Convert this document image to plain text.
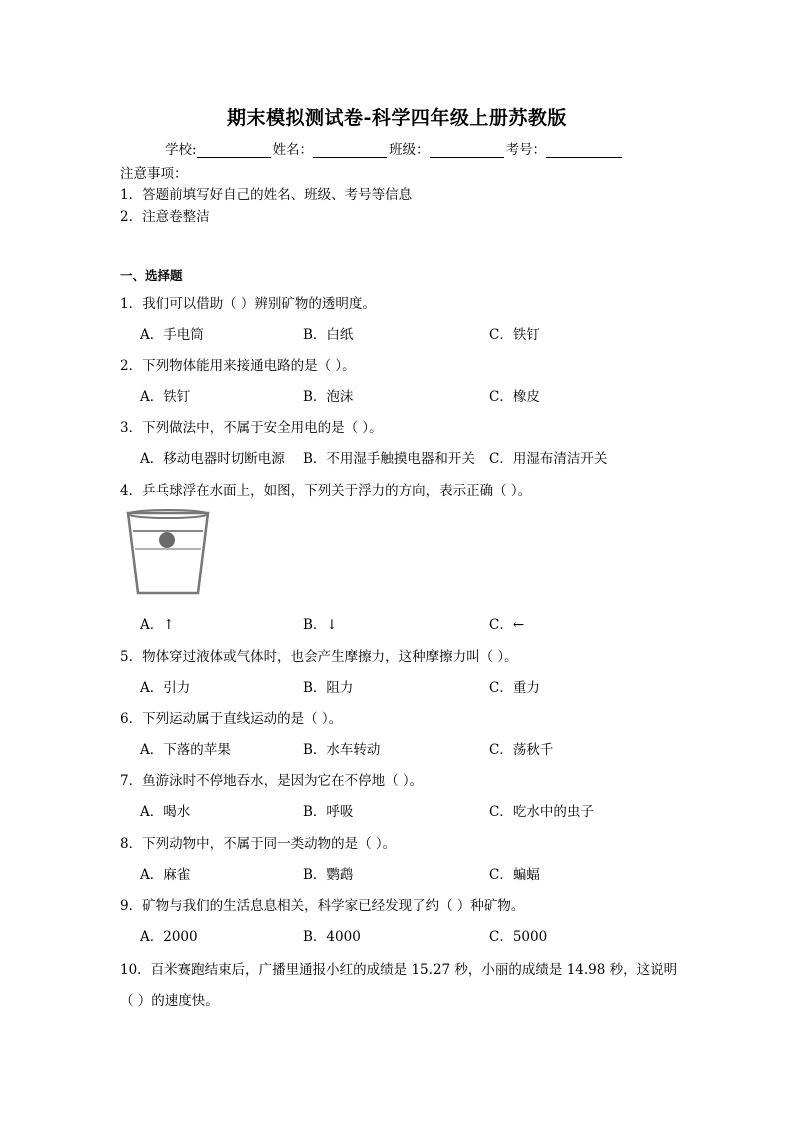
期末模拟测试卷-科学四年级上册苏教版
学校:	姓名：	班级：	考号：
注意事项：
1．答题前填写好自己的姓名、班级、考号等信息
2．注意卷整洁
一、选择题
1．我们可以借助（ ）辨别矿物的透明度。
A．手电筒	B．白纸	C．铁钉
2．下列物体能用来接通电路的是（ ）。
A．铁钉	B．泡沫	C．橡皮
3．下列做法中，不属于安全用电的是（ ）。
A．移动电器时切断电源 B．不用湿手触摸电器和开关 C．用湿布清洁开关
4．乒乓球浮在水面上，如图，下列关于浮力的方向，表示正确（ ）。
A．↑	B．↓	C．←
5．物体穿过液体或气体时，也会产生摩擦力，这种摩擦力叫（ ）。
A．引力	B．阻力	C．重力
6．下列运动属于直线运动的是（ ）。
A．下落的苹果	B．水车转动	C．荡秋千
7．鱼游泳时不停地吞水，是因为它在不停地（ ）。
A．喝水	B．呼吸	C．吃水中的虫子
8．下列动物中，不属于同一类动物的是（ ）。
A．麻雀	B．鹦鹉	C．蝙蝠
9．矿物与我们的生活息息相关，科学家已经发现了约（ ）种矿物。
A．2000	B．4000	C．5000
10．百米赛跑结束后，广播里通报小红的成绩是 15.27 秒，小丽的成绩是 14.98 秒，这说明
（ ）的速度快。
